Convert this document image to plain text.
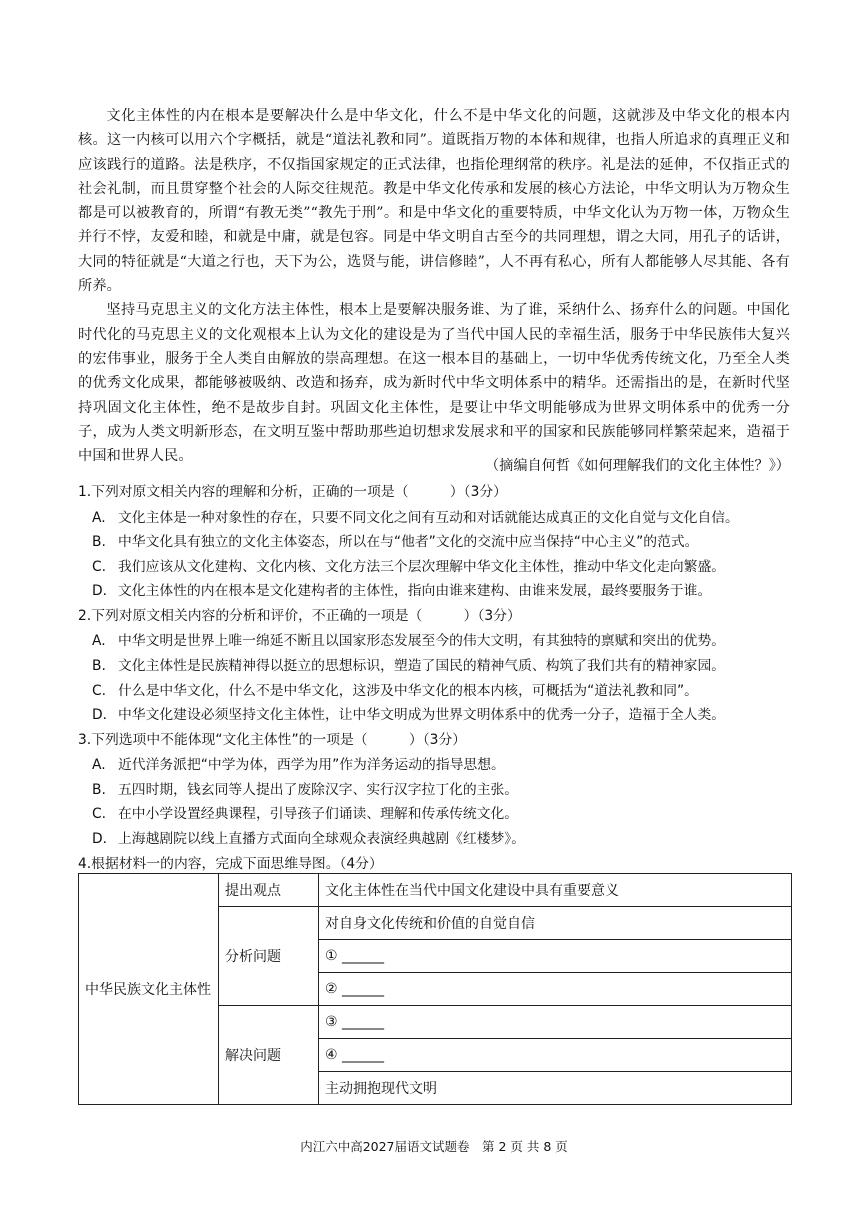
文化主体性的内在根本是要解决什么是中华文化，什么不是中华文化的问题，这就涉及中华文化的根本内核。这一内核可以用六个字概括，就是“道法礼教和同”。道既指万物的本体和规律，也指人所追求的真理正义和应该践行的道路。法是秩序，不仅指国家规定的正式法律，也指伦理纲常的秩序。礼是法的延伸，不仅指正式的社会礼制，而且贯穿整个社会的人际交往规范。教是中华文化传承和发展的核心方法论，中华文明认为万物众生都是可以被教育的，所谓“有教无类”“教先于刑”。和是中华文化的重要特质，中华文化认为万物一体，万物众生并行不悖，友爱和睦，和就是中庸，就是包容。同是中华文明自古至今的共同理想，谓之大同，用孔子的话讲，大同的特征就是“大道之行也，天下为公，选贤与能，讲信修睦”，人不再有私心，所有人都能够人尽其能、各有所养。

坚持马克思主义的文化方法主体性，根本上是要解决服务谁、为了谁，采纳什么、扬弃什么的问题。中国化时代化的马克思主义的文化观根本上认为文化的建设是为了当代中国人民的幸福生活，服务于中华民族伟大复兴的宏伟事业，服务于全人类自由解放的崇高理想。在这一根本目的基础上，一切中华优秀传统文化，乃至全人类的优秀文化成果，都能够被吸纳、改造和扬弃，成为新时代中华文明体系中的精华。还需指出的是，在新时代坚持巩固文化主体性，绝不是故步自封。巩固文化主体性，是要让中华文明能够成为世界文明体系中的优秀一分子，成为人类文明新形态，在文明互鉴中帮助那些迫切想求发展求和平的国家和民族能够同样繁荣起来，造福于中国和世界人民。

（摘编自何哲《如何理解我们的文化主体性？》）
1.下列对原文相关内容的理解和分析，正确的一项是（　　　）（3分）
A. 文化主体是一种对象性的存在，只要不同文化之间有互动和对话就能达成真正的文化自觉与文化自信。
B. 中华文化具有独立的文化主体姿态，所以在与“他者”文化的交流中应当保持“中心主义”的范式。
C. 我们应该从文化建构、文化内核、文化方法三个层次理解中华文化主体性，推动中华文化走向繁盛。
D. 文化主体性的内在根本是文化建构者的主体性，指向由谁来建构、由谁来发展，最终要服务于谁。
2.下列对原文相关内容的分析和评价，不正确的一项是（　　　）（3分）
A. 中华文明是世界上唯一绵延不断且以国家形态发展至今的伟大文明，有其独特的禀赋和突出的优势。
B. 文化主体性是民族精神得以挺立的思想标识，塑造了国民的精神气质、构筑了我们共有的精神家园。
C. 什么是中华文化，什么不是中华文化，这涉及中华文化的根本内核，可概括为“道法礼教和同”。
D. 中华文化建设必须坚持文化主体性，让中华文明成为世界文明体系中的优秀一分子，造福于全人类。
3.下列选项中不能体现“文化主体性”的一项是（　　　）（3分）
A. 近代洋务派把“中学为体，西学为用”作为洋务运动的指导思想。
B. 五四时期，钱玄同等人提出了废除汉字、实行汉字拉丁化的主张。
C. 在中小学设置经典课程，引导孩子们诵读、理解和传承传统文化。
D. 上海越剧院以线上直播方式面向全球观众表演经典越剧《红楼梦》。
4.根据材料一的内容，完成下面思维导图。（4分）
中华民族文化主体性	提出观点	文化主体性在当代中国文化建设中具有重要意义
	分析问题	对自身文化传统和价值的自觉自信
		① ______
		② ______
	解决问题	③ ______
		④ ______
		主动拥抱现代文明
内江六中高2027届语文试题卷　第 2 页 共 8 页
